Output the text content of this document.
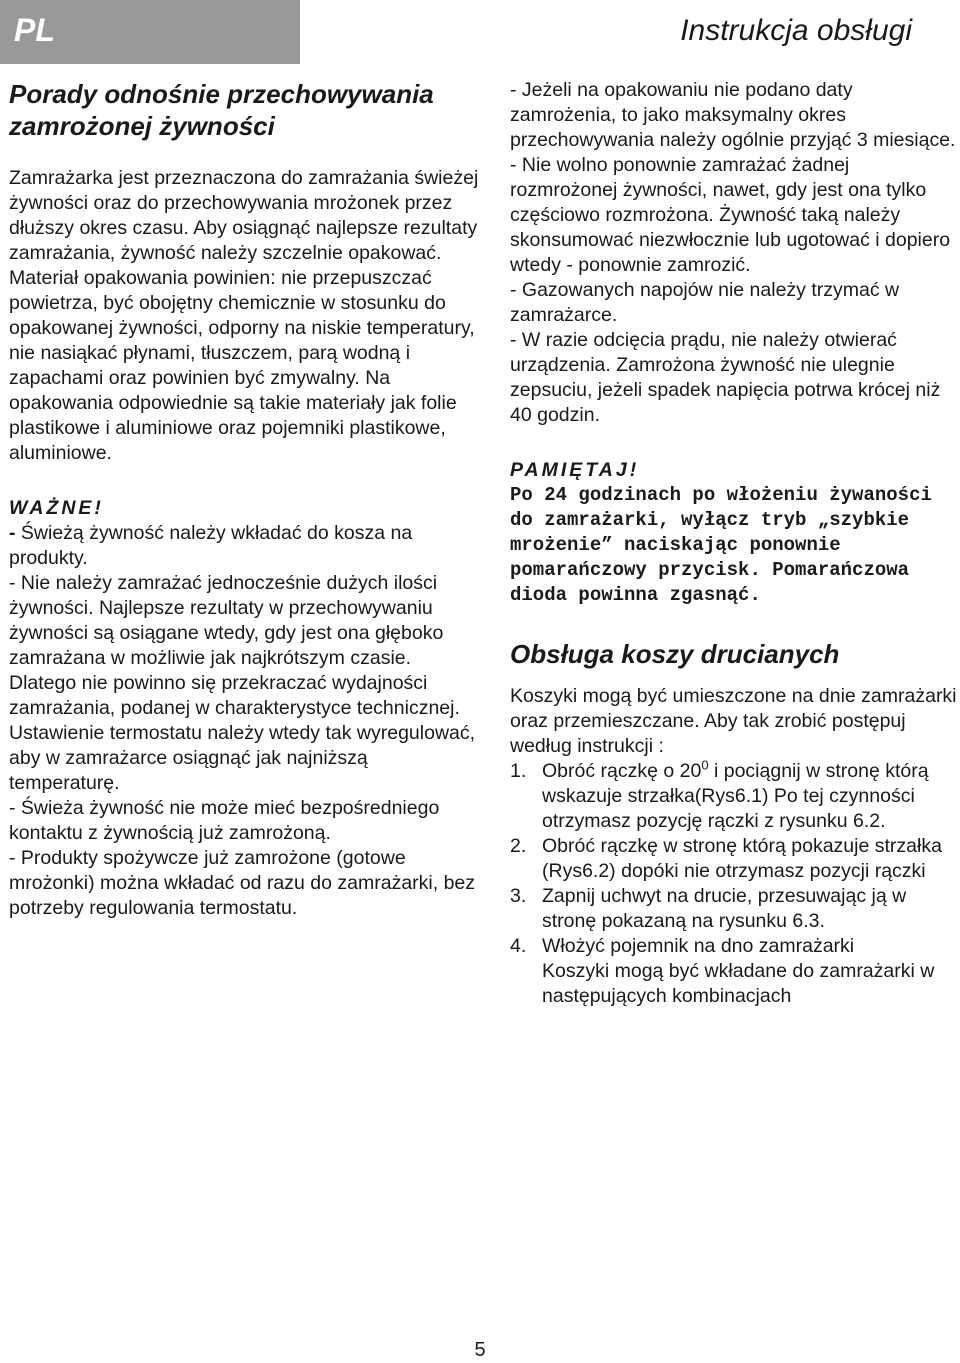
PL	Instrukcja obsługi
Porady odnośnie przechowywania
zamrożonej żywności

Zamrażarka jest przeznaczona do zamrażania świeżej żywności oraz do przechowywania mrożonek przez dłuższy okres czasu. Aby osiągnąć najlepsze rezultaty zamrażania, żywność należy szczelnie opakować. Materiał opakowania powinien: nie przepuszczać powietrza, być obojętny chemicznie w stosunku do opakowanej żywności, odporny na niskie temperatury, nie nasiąkać płynami, tłuszczem, parą wodną i zapachami oraz powinien być zmywalny. Na opakowania odpowiednie są takie materiały jak folie plastikowe i aluminiowe oraz pojemniki plastikowe, aluminiowe.

WAŻNE!

- Świeżą żywność należy wkładać do kosza na produkty.

- Nie należy zamrażać jednocześnie dużych ilości żywności. Najlepsze rezultaty w przechowywaniu żywności są osiągane wtedy, gdy jest ona głęboko zamrażana w możliwie jak najkrótszym czasie. Dlatego nie powinno się przekraczać wydajności zamrażania, podanej w charakterystyce technicznej. Ustawienie termostatu należy wtedy tak wyregulować, aby w zamrażarce osiągnąć jak najniższą temperaturę.

- Świeża żywność nie może mieć bezpośredniego kontaktu z żywnością już zamrożoną.

- Produkty spożywcze już zamrożone (gotowe mrożonki) można wkładać od razu do zamrażarki, bez potrzeby regulowania termostatu.

- Jeżeli na opakowaniu nie podano daty zamrożenia, to jako maksymalny okres przechowywania należy ogólnie przyjąć 3 miesiące.

- Nie wolno ponownie zamrażać żadnej rozmrożonej żywności, nawet, gdy jest ona tylko częściowo rozmrożona. Żywność taką należy skonsumować niezwłocznie lub ugotować i dopiero wtedy - ponownie zamrozić.

- Gazowanych napojów nie należy trzymać w zamrażarce.

- W razie odcięcia prądu, nie należy otwierać urządzenia. Zamrożona żywność nie ulegnie zepsuciu, jeżeli spadek napięcia potrwa krócej niż 40 godzin.

PAMIĘTAJ!

Po 24 godzinach po włożeniu żywaności do zamrażarki, wyłącz tryb „szybkie mrożenie” naciskając ponownie pomarańczowy przycisk. Pomarańczowa dioda powinna zgasnąć.

Obsługa koszy drucianych

Koszyki mogą być umieszczone na dnie zamrażarki oraz przemieszczane. Aby tak zrobić postępuj według instrukcji :

1. Obróć rączkę o $20^0$ i pociągnij w stronę którą wskazuje strzałka(Rys6.1) Po tej czynności otrzymasz pozycję rączki z rysunku 6.2.
2. Obróć rączkę w stronę którą pokazuje strzałka (Rys6.2) dopóki nie otrzymasz pozycji rączki
3. Zapnij uchwyt na drucie, przesuwając ją w stronę pokazaną na rysunku 6.3.
4. Włożyć pojemnik na dno zamrażarki

Koszyki mogą być wkładane do zamrażarki w następujących kombinacjach

5
